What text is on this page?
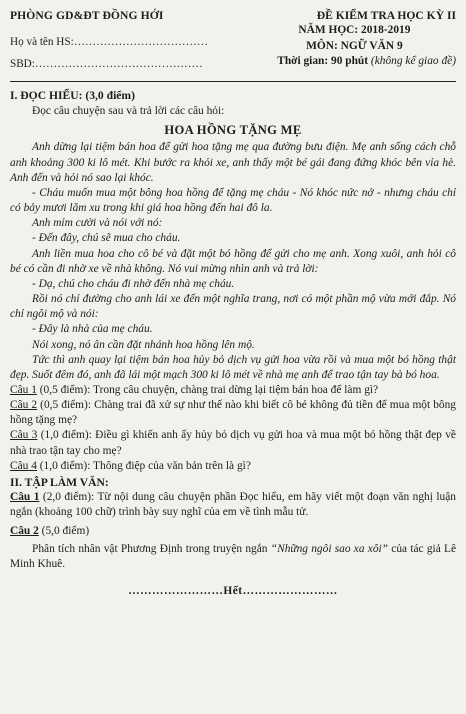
PHÒNG GD&ĐT ĐỒNG HỚI
Họ và tên HS:………………………………
SBD:………………………………………
ĐỀ KIỂM TRA HỌC KỲ II
NĂM HỌC: 2018-2019
MÔN: NGỮ VĂN 9
Thời gian: 90 phút (không kể giao đề)
I. ĐỌC HIỂU: (3,0 điểm)
Đọc câu chuyện sau và trả lời các câu hỏi:
HOA HỒNG TẶNG MẸ

Anh dừng lại tiệm bán hoa để gửi hoa tặng mẹ qua đường bưu điện. Mẹ anh sống cách chỗ anh khoảng 300 ki lô mét. Khi bước ra khỏi xe, anh thấy một bé gái đang đứng khóc bên vỉa hè. Anh đến và hỏi nó sao lại khóc.

- Cháu muốn mua một bông hoa hồng để tặng mẹ cháu - Nó khóc nức nở - nhưng cháu chỉ có bảy mươi lăm xu trong khi giá hoa hồng đến hai đô la.

Anh mỉm cười và nói với nó:

- Đến đây, chú sẽ mua cho cháu.

Anh liền mua hoa cho cô bé và đặt một bó hồng để gửi cho mẹ anh. Xong xuôi, anh hỏi cô bé có cần đi nhờ xe về nhà không. Nó vui mừng nhìn anh và trả lời:

- Dạ, chú cho cháu đi nhờ đến nhà mẹ cháu.

Rồi nó chỉ đường cho anh lái xe đến một nghĩa trang, nơi có một phần mộ vừa mới đắp. Nó chỉ ngôi mộ và nói:

- Đây là nhà của mẹ cháu.

Nói xong, nó ân cần đặt nhánh hoa hồng lên mộ.

Tức thì anh quay lại tiệm bán hoa hủy bỏ dịch vụ gửi hoa vừa rồi và mua một bó hồng thật đẹp. Suốt đêm đó, anh đã lái một mạch 300 ki lô mét về nhà mẹ anh để trao tận tay bà bó hoa.

Câu 1 (0,5 điểm): Trong câu chuyện, chàng trai dừng lại tiệm bán hoa để làm gì?

Câu 2 (0,5 điểm): Chàng trai đã xử sự như thế nào khi biết cô bé không đủ tiền để mua một bông hồng tặng mẹ?

Câu 3 (1,0 điểm): Điều gì khiến anh ấy hủy bỏ dịch vụ gửi hoa và mua một bó hồng thật đẹp về nhà trao tận tay cho mẹ?

Câu 4 (1,0 điểm): Thông điệp của văn bản trên là gì?

II. TẬP LÀM VĂN:

Câu 1 (2,0 điểm): Từ nội dung câu chuyện phần Đọc hiểu, em hãy viết một đoạn văn nghị luận ngắn (khoảng 100 chữ) trình bày suy nghĩ của em về tình mẫu tử.

Câu 2 (5,0 điểm)

Phân tích nhân vật Phương Định trong truyện ngắn “Những ngôi sao xa xôi” của tác giả Lê Minh Khuê.

……………………Hết……………………
